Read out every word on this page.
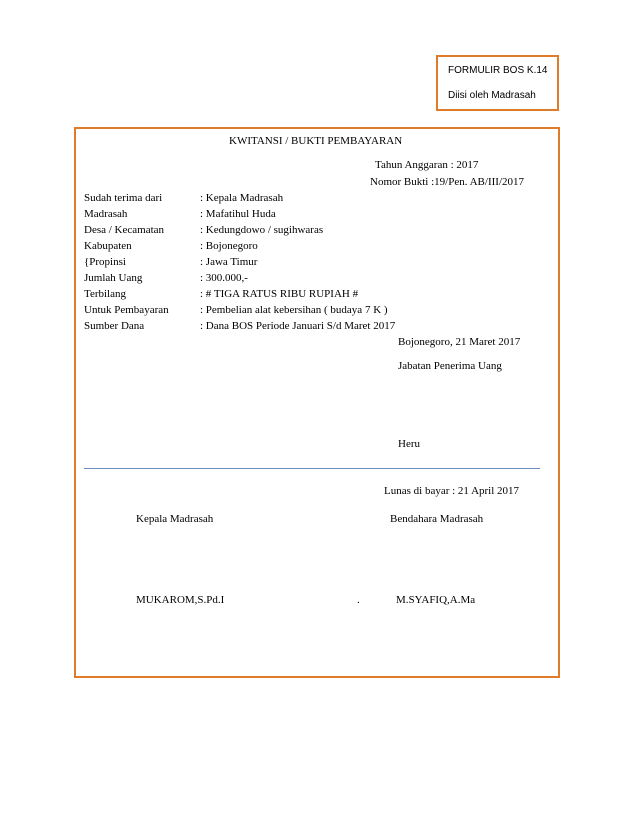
FORMULIR BOS K.14
Diisi oleh Madrasah
KWITANSI / BUKTI PEMBAYARAN
Tahun Anggaran : 2017
Nomor Bukti :19/Pen. AB/III/2017
Sudah terima dari	: Kepala Madrasah
Madrasah	: Mafatihul Huda
Desa / Kecamatan	: Kedungdowo / sugihwaras
Kabupaten	: Bojonegoro
{Propinsi	: Jawa Timur
Jumlah Uang	: 300.000,-
Terbilang	: # TIGA RATUS RIBU RUPIAH #
Untuk Pembayaran	: Pembelian alat kebersihan ( budaya 7 K )
Sumber Dana	: Dana BOS Periode Januari S/d Maret 2017
Bojonegoro, 21 Maret 2017
Jabatan Penerima Uang
Heru
Lunas di bayar : 21 April 2017
Kepala Madrasah	Bendahara Madrasah
MUKAROM,S.Pd.I	.	M.SYAFIQ,A.Ma
